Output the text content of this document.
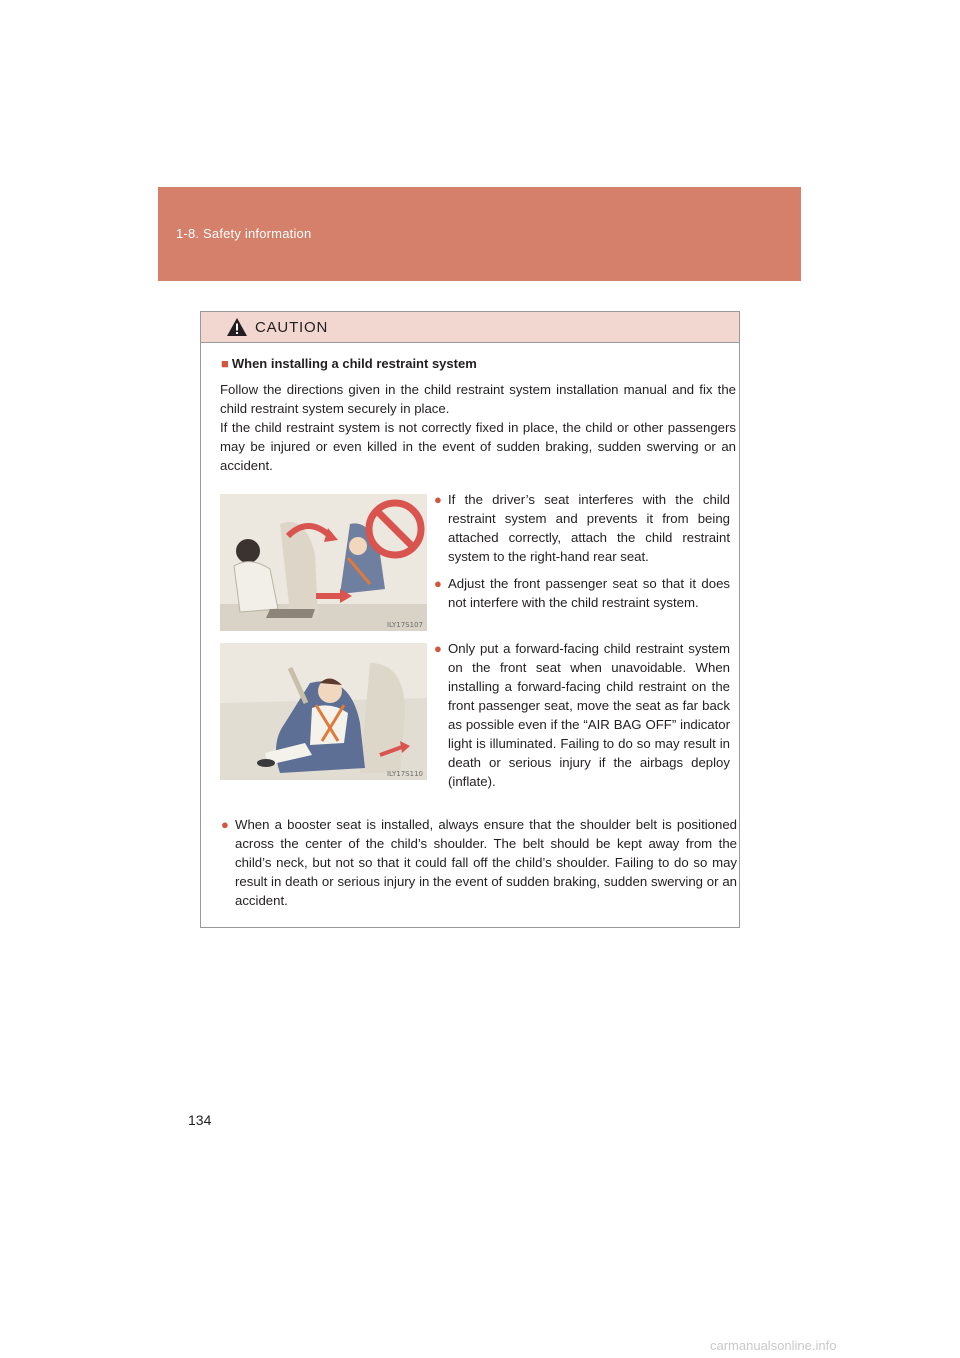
1-8. Safety information
CAUTION
■ When installing a child restraint system
Follow the directions given in the child restraint system installation manual and fix the child restraint system securely in place.
If the child restraint system is not correctly fixed in place, the child or other passengers may be injured or even killed in the event of sudden braking, sudden swerving or an accident.
ILY17S107
ILY17S110
● If the driver’s seat interferes with the child restraint system and prevents it from being attached correctly, attach the child restraint system to the right-hand rear seat.
● Adjust the front passenger seat so that it does not interfere with the child restraint system.
● Only put a forward-facing child restraint system on the front seat when unavoidable. When installing a forward-facing child restraint on the front passenger seat, move the seat as far back as possible even if the “AIR BAG OFF” indicator light is illuminated. Failing to do so may result in death or serious injury if the airbags deploy (inflate).
● When a booster seat is installed, always ensure that the shoulder belt is positioned across the center of the child’s shoulder. The belt should be kept away from the child’s neck, but not so that it could fall off the child’s shoulder. Failing to do so may result in death or serious injury in the event of sudden braking, sudden swerving or an accident.
134
carmanualsonline.info
